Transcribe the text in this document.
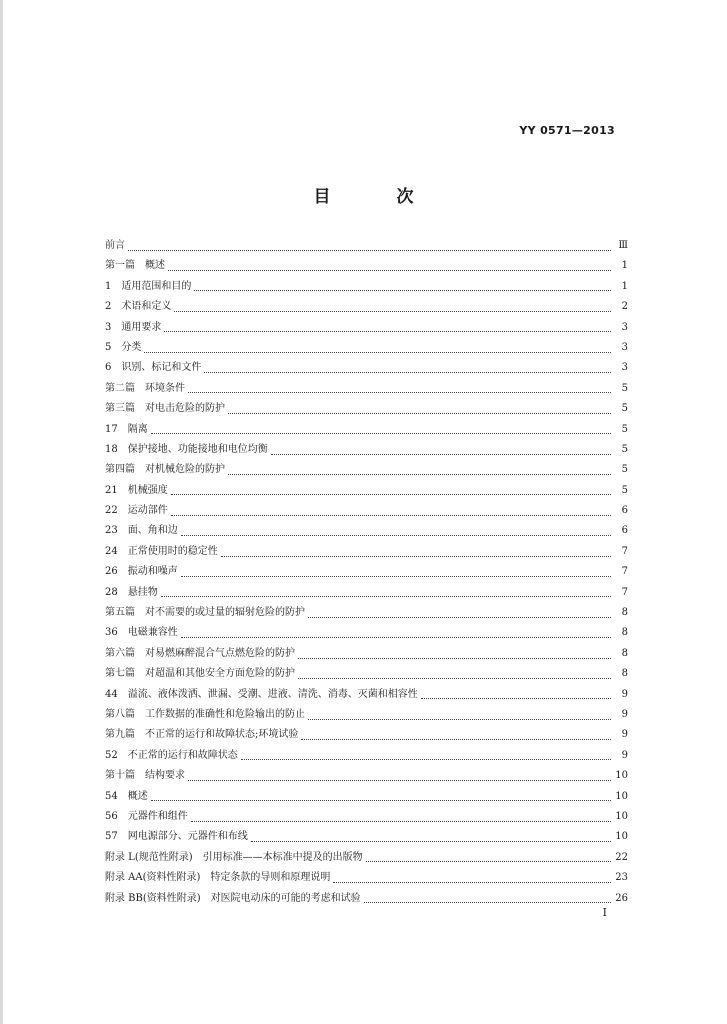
YY 0571—2013
目 次
前言	Ⅲ
第一篇　概述	1
1　适用范围和目的	1
2　术语和定义	2
3　通用要求	3
5　分类	3
6　识别、标记和文件	3
第二篇　环境条件	5
第三篇　对电击危险的防护	5
17　隔离	5
18　保护接地、功能接地和电位均衡	5
第四篇　对机械危险的防护	5
21　机械强度	5
22　运动部件	6
23　面、角和边	6
24　正常使用时的稳定性	7
26　振动和噪声	7
28　悬挂物	7
第五篇　对不需要的或过量的辐射危险的防护	8
36　电磁兼容性	8
第六篇　对易燃麻醉混合气点燃危险的防护	8
第七篇　对超温和其他安全方面危险的防护	8
44　溢流、液体泼洒、泄漏、受潮、进液、清洗、消毒、灭菌和相容性	9
第八篇　工作数据的准确性和危险输出的防止	9
第九篇　不正常的运行和故障状态;环境试验	9
52　不正常的运行和故障状态	9
第十篇　结构要求	10
54　概述	10
56　元器件和组件	10
57　网电源部分、元器件和布线	10
附录 L(规范性附录)　引用标准——本标准中提及的出版物	22
附录 AA(资料性附录)　特定条款的导则和原理说明	23
附录 BB(资料性附录)　对医院电动床的可能的考虑和试验	26
I
